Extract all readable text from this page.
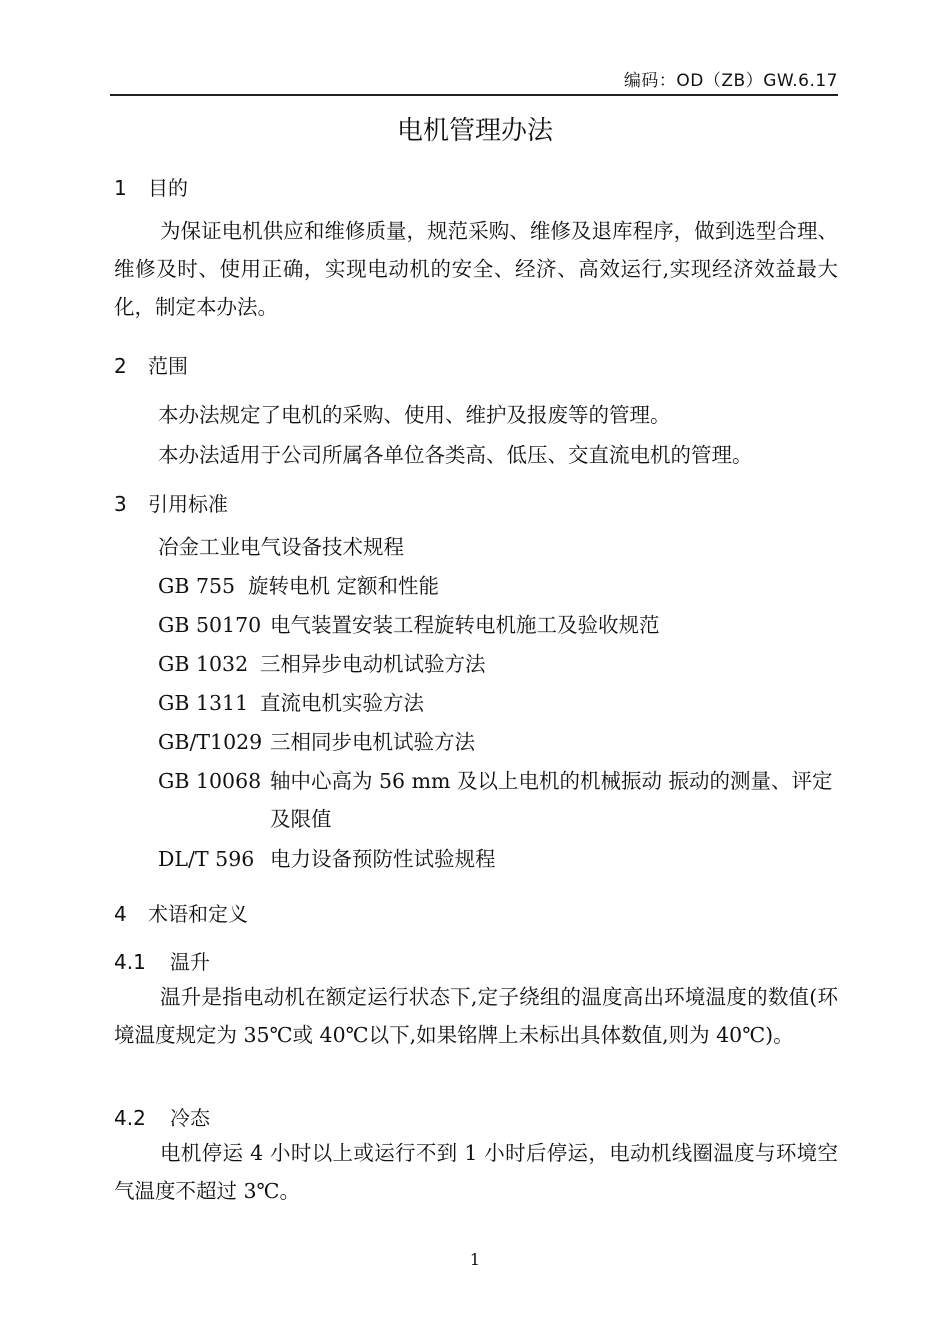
编码：OD（ZB）GW.6.17
电机管理办法
1 目的
为保证电机供应和维修质量，规范采购、维修及退库程序，做到选型合理、维修及时、使用正确，实现电动机的安全、经济、高效运行,实现经济效益最大化，制定本办法。
2 范围
本办法规定了电机的采购、使用、维护及报废等的管理。
本办法适用于公司所属各单位各类高、低压、交直流电机的管理。
3 引用标准
冶金工业电气设备技术规程
GB 755 旋转电机 定额和性能
GB 50170 电气装置安装工程旋转电机施工及验收规范
GB 1032 三相异步电动机试验方法
GB 1311 直流电机实验方法
GB/T1029 三相同步电机试验方法
GB 10068 轴中心高为 56 mm 及以上电机的机械振动 振动的测量、评定及限值
DL/T 596 电力设备预防性试验规程
4 术语和定义
4.1 温升
温升是指电动机在额定运行状态下,定子绕组的温度高出环境温度的数值(环境温度规定为 35℃或 40℃以下,如果铭牌上未标出具体数值,则为 40℃)。
4.2 冷态
电机停运 4 小时以上或运行不到 1 小时后停运，电动机线圈温度与环境空气温度不超过 3℃。
1
